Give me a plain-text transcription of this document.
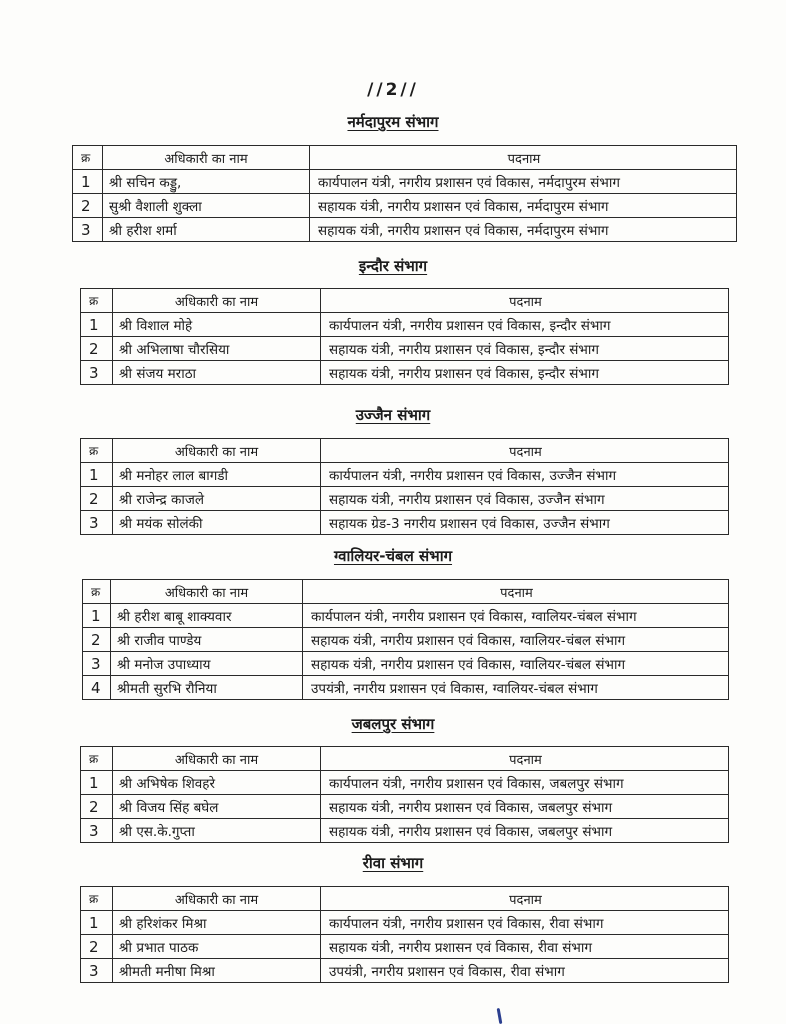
//2//
नर्मदापुरम संभाग
क्र	अधिकारी का नाम	पदनाम
1	श्री सचिन कड्डु,	कार्यपालन यंत्री, नगरीय प्रशासन एवं विकास, नर्मदापुरम संभाग
2	सुश्री वैशाली शुक्ला	सहायक यंत्री, नगरीय प्रशासन एवं विकास, नर्मदापुरम संभाग
3	श्री हरीश शर्मा	सहायक यंत्री, नगरीय प्रशासन एवं विकास, नर्मदापुरम संभाग
इन्दौर संभाग
क्र	अधिकारी का नाम	पदनाम
1	श्री विशाल मोहे	कार्यपालन यंत्री, नगरीय प्रशासन एवं विकास, इन्दौर संभाग
2	श्री अभिलाषा चौरसिया	सहायक यंत्री, नगरीय प्रशासन एवं विकास, इन्दौर संभाग
3	श्री संजय मराठा	सहायक यंत्री, नगरीय प्रशासन एवं विकास, इन्दौर संभाग
उज्जैन संभाग
क्र	अधिकारी का नाम	पदनाम
1	श्री मनोहर लाल बागडी	कार्यपालन यंत्री, नगरीय प्रशासन एवं विकास, उज्जैन संभाग
2	श्री राजेन्द्र काजले	सहायक यंत्री, नगरीय प्रशासन एवं विकास, उज्जैन संभाग
3	श्री मयंक सोलंकी	सहायक ग्रेड-3 नगरीय प्रशासन एवं विकास, उज्जैन संभाग
ग्वालियर-चंबल संभाग
क्र	अधिकारी का नाम	पदनाम
1	श्री हरीश बाबू शाक्यवार	कार्यपालन यंत्री, नगरीय प्रशासन एवं विकास, ग्वालियर-चंबल संभाग
2	श्री राजीव पाण्डेय	सहायक यंत्री, नगरीय प्रशासन एवं विकास, ग्वालियर-चंबल संभाग
3	श्री मनोज उपाध्याय	सहायक यंत्री, नगरीय प्रशासन एवं विकास, ग्वालियर-चंबल संभाग
4	श्रीमती सुरभि रौनिया	उपयंत्री, नगरीय प्रशासन एवं विकास, ग्वालियर-चंबल संभाग
जबलपुर संभाग
क्र	अधिकारी का नाम	पदनाम
1	श्री अभिषेक शिवहरे	कार्यपालन यंत्री, नगरीय प्रशासन एवं विकास, जबलपुर संभाग
2	श्री विजय सिंह बघेल	सहायक यंत्री, नगरीय प्रशासन एवं विकास, जबलपुर संभाग
3	श्री एस.के.गुप्ता	सहायक यंत्री, नगरीय प्रशासन एवं विकास, जबलपुर संभाग
रीवा संभाग
क्र	अधिकारी का नाम	पदनाम
1	श्री हरिशंकर मिश्रा	कार्यपालन यंत्री, नगरीय प्रशासन एवं विकास, रीवा संभाग
2	श्री प्रभात पाठक	सहायक यंत्री, नगरीय प्रशासन एवं विकास, रीवा संभाग
3	श्रीमती मनीषा मिश्रा	उपयंत्री, नगरीय प्रशासन एवं विकास, रीवा संभाग
